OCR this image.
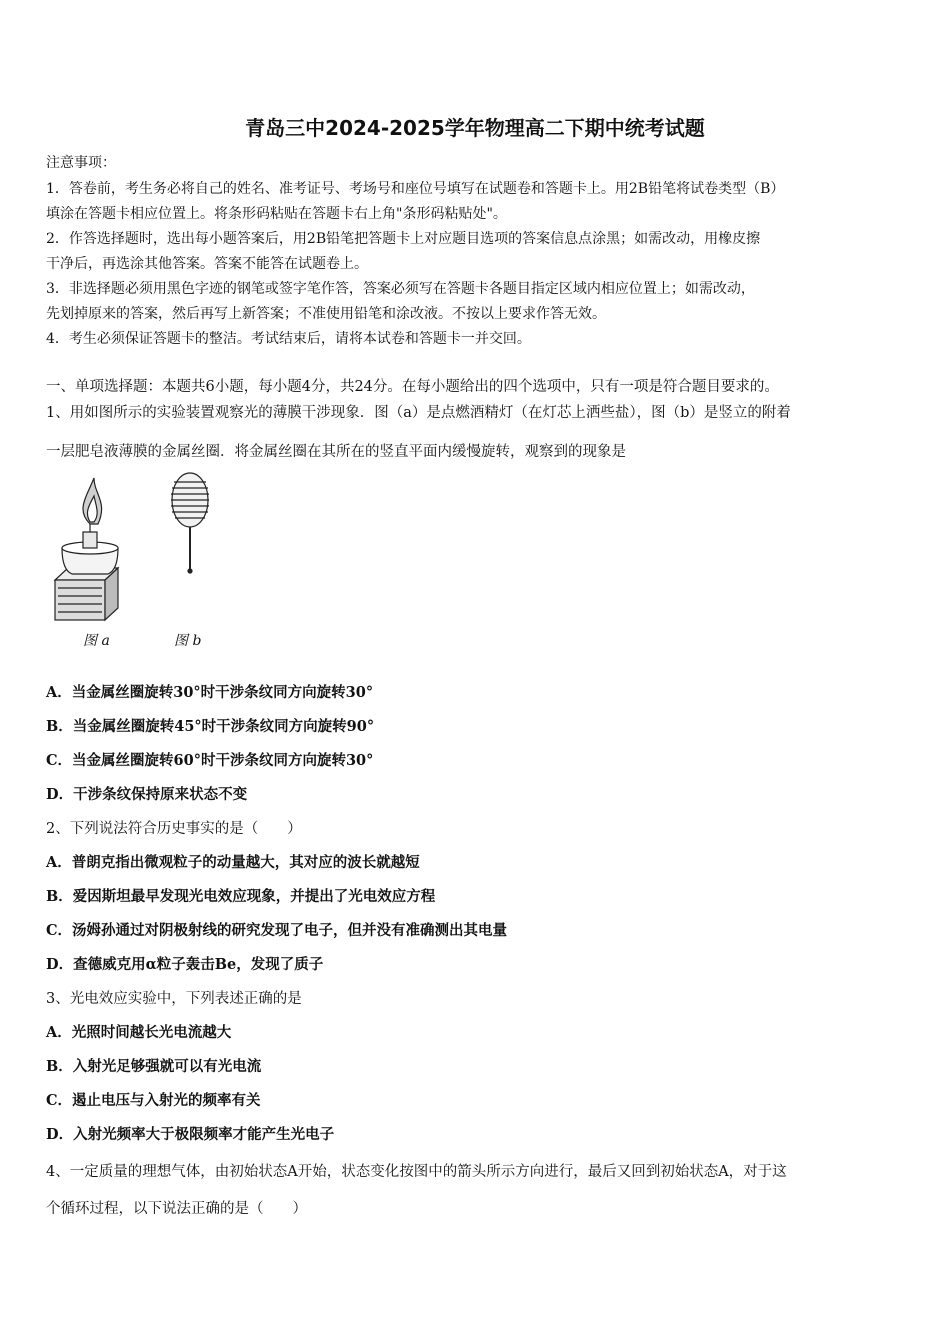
青岛三中2024-2025学年物理高二下期中统考试题
注意事项：
1．答卷前，考生务必将自己的姓名、准考证号、考场号和座位号填写在试题卷和答题卡上。用2B铅笔将试卷类型（B）
填涂在答题卡相应位置上。将条形码粘贴在答题卡右上角"条形码粘贴处"。
2．作答选择题时，选出每小题答案后，用2B铅笔把答题卡上对应题目选项的答案信息点涂黑；如需改动，用橡皮擦
干净后，再选涂其他答案。答案不能答在试题卷上。
3．非选择题必须用黑色字迹的钢笔或签字笔作答，答案必须写在答题卡各题目指定区域内相应位置上；如需改动，
先划掉原来的答案，然后再写上新答案；不准使用铅笔和涂改液。不按以上要求作答无效。
4．考生必须保证答题卡的整洁。考试结束后，请将本试卷和答题卡一并交回。
一、单项选择题：本题共6小题，每小题4分，共24分。在每小题给出的四个选项中，只有一项是符合题目要求的。
1、用如图所示的实验装置观察光的薄膜干涉现象．图（a）是点燃酒精灯（在灯芯上洒些盐），图（b）是竖立的附着
一层肥皂液薄膜的金属丝圈．将金属丝圈在其所在的竖直平面内缓慢旋转，观察到的现象是
图 a	图 b
A．当金属丝圈旋转30°时干涉条纹同方向旋转30°
B．当金属丝圈旋转45°时干涉条纹同方向旋转90°
C．当金属丝圈旋转60°时干涉条纹同方向旋转30°
D．干涉条纹保持原来状态不变
2、下列说法符合历史事实的是（　　）
A．普朗克指出微观粒子的动量越大，其对应的波长就越短
B．爱因斯坦最早发现光电效应现象，并提出了光电效应方程
C．汤姆孙通过对阴极射线的研究发现了电子，但并没有准确测出其电量
D．查德威克用α粒子轰击Be，发现了质子
3、光电效应实验中，下列表述正确的是
A．光照时间越长光电流越大
B．入射光足够强就可以有光电流
C．遏止电压与入射光的频率有关
D．入射光频率大于极限频率才能产生光电子
4、一定质量的理想气体，由初始状态A开始，状态变化按图中的箭头所示方向进行，最后又回到初始状态A，对于这
个循环过程，以下说法正确的是（　　）
